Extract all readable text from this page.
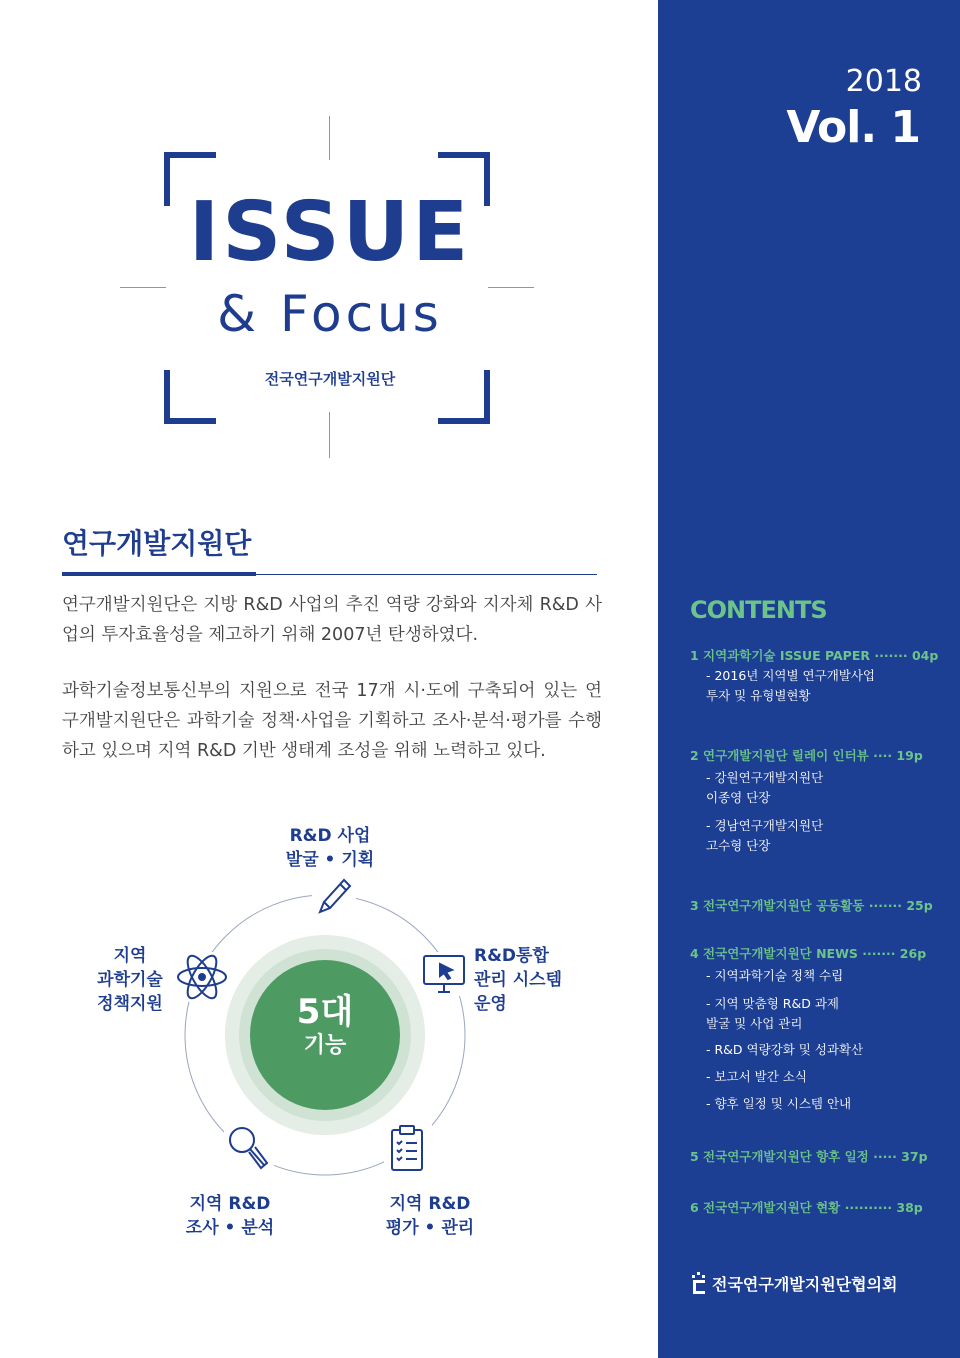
ISSUE
& Focus
전국연구개발지원단
연구개발지원단

연구개발지원단은 지방 R&D 사업의 추진 역량 강화와 지자체 R&D 사업의 투자효율성을 제고하기 위해 2007년 탄생하였다.

과학기술정보통신부의 지원으로 전국 17개 시·도에 구축되어 있는 연구개발지원단은 과학기술 정책·사업을 기획하고 조사·분석·평가를 수행하고 있으며 지역 R&D 기반 생태계 조성을 위해 노력하고 있다.

5대
기능
R&D 사업
발굴 • 기획
R&D통합
관리 시스템
운영
지역 R&D
평가 • 관리
지역 R&D
조사 • 분석
지역
과학기술
정책지원
2018
Vol. 1
CONTENTS
1 지역과학기술 ISSUE PAPER ······· 04p
- 2016년 지역별 연구개발사업
투자 및 유형별현황
2 연구개발지원단 릴레이 인터뷰 ···· 19p
- 강원연구개발지원단
이종영 단장
- 경남연구개발지원단
고수형 단장
3 전국연구개발지원단 공동활동 ······· 25p
4 전국연구개발지원단 NEWS ······· 26p
- 지역과학기술 정책 수립
- 지역 맞춤형 R&D 과제
발굴 및 사업 관리
- R&D 역량강화 및 성과확산
- 보고서 발간 소식
- 향후 일정 및 시스템 안내
5 전국연구개발지원단 향후 일정 ····· 37p
6 전국연구개발지원단 현황 ·········· 38p
전국연구개발지원단협의회
